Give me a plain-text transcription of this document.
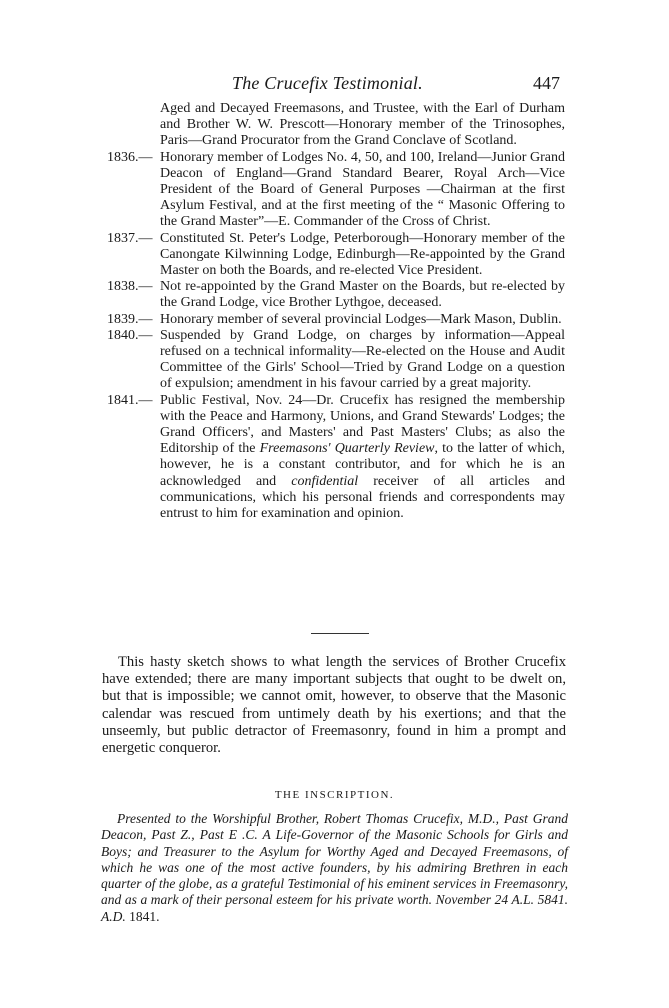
The Crucefix Testimonial.	447
Aged and Decayed Freemasons, and Trustee, with the Earl of Durham and Brother W. W. Prescott—Honorary member of the Trinosophes, Paris—Grand Procurator from the Grand Conclave of Scotland.
1836.— Honorary member of Lodges No. 4, 50, and 100, Ireland—Junior Grand Deacon of England—Grand Standard Bearer, Royal Arch—Vice President of the Board of General Purposes —Chairman at the first Asylum Festival, and at the first meeting of the “ Masonic Offering to the Grand Master”—E. Commander of the Cross of Christ.
1837.— Constituted St. Peter's Lodge, Peterborough—Honorary member of the Canongate Kilwinning Lodge, Edinburgh—Re-appointed by the Grand Master on both the Boards, and re-elected Vice President.
1838.— Not re-appointed by the Grand Master on the Boards, but re-elected by the Grand Lodge, vice Brother Lythgoe, deceased.
1839.— Honorary member of several provincial Lodges—Mark Mason, Dublin.
1840.— Suspended by Grand Lodge, on charges by information—Appeal refused on a technical informality—Re-elected on the House and Audit Committee of the Girls' School—Tried by Grand Lodge on a question of expulsion; amendment in his favour carried by a great majority.
1841.— Public Festival, Nov. 24—Dr. Crucefix has resigned the membership with the Peace and Harmony, Unions, and Grand Stewards' Lodges; the Grand Officers', and Masters' and Past Masters' Clubs; as also the Editorship of the Freemasons' Quarterly Review, to the latter of which, however, he is a constant contributor, and for which he is an acknowledged and confidential receiver of all articles and communications, which his personal friends and correspondents may entrust to him for examination and opinion.

This hasty sketch shows to what length the services of Brother Crucefix have extended; there are many important subjects that ought to be dwelt on, but that is impossible; we cannot omit, however, to observe that the Masonic calendar was rescued from untimely death by his exertions; and that the unseemly, but public detractor of Freemasonry, found in him a prompt and energetic conqueror.

THE INSCRIPTION.

Presented to the Worshipful Brother, Robert Thomas Crucefix, M.D., Past Grand Deacon, Past Z., Past E .C. A Life-Governor of the Masonic Schools for Girls and Boys; and Treasurer to the Asylum for Worthy Aged and Decayed Freemasons, of which he was one of the most active founders, by his admiring Brethren in each quarter of the globe, as a grateful Testimonial of his eminent services in Freemasonry, and as a mark of their personal esteem for his private worth. November 24 A.L. 5841. A.D. 1841.
